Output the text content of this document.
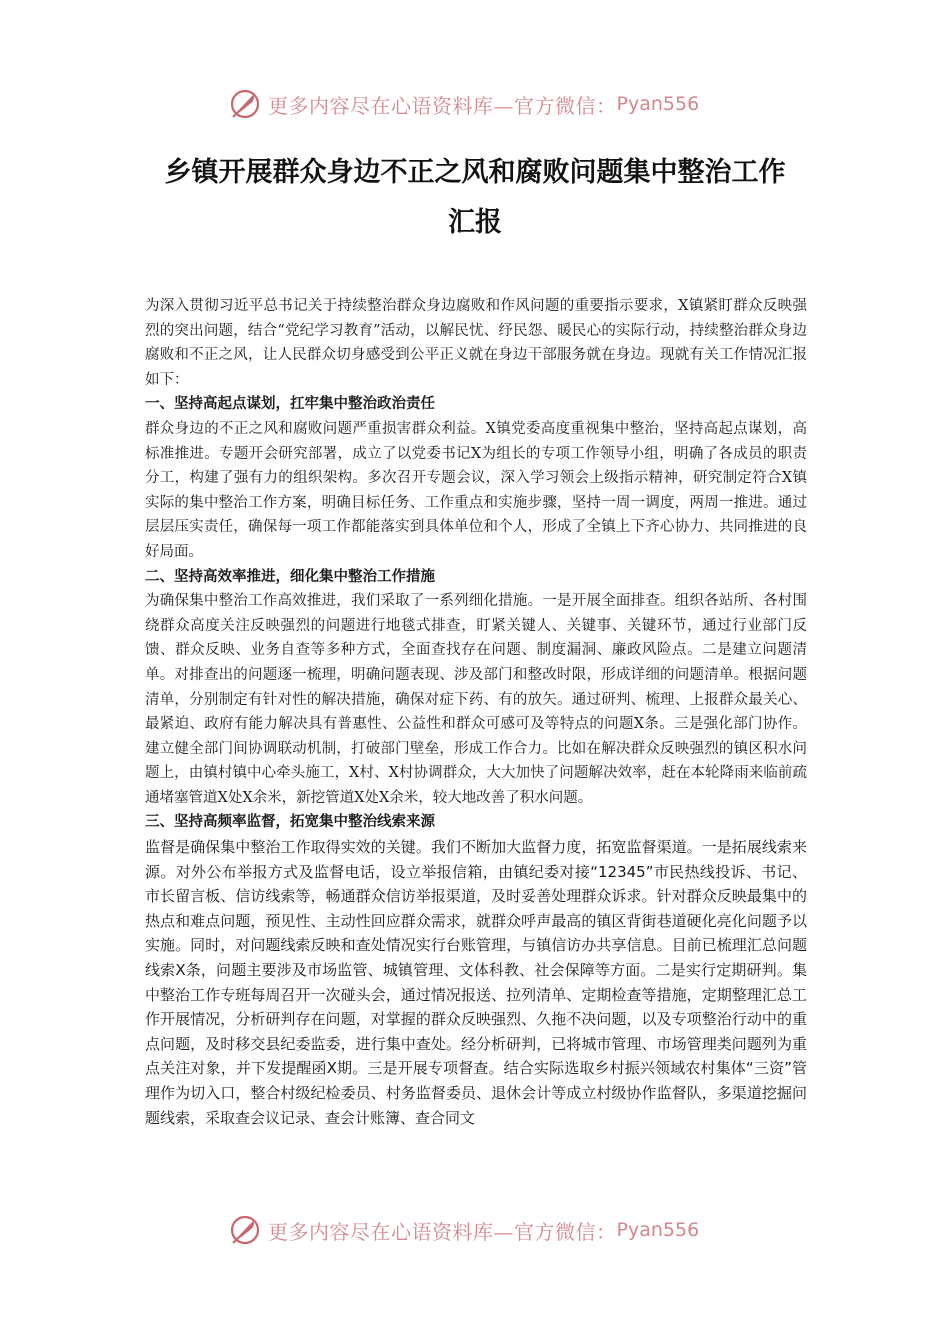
更多内容尽在心语资料库—官方微信： Pyan556
乡镇开展群众身边不正之风和腐败问题集中整治工作
汇报

为深入贯彻习近平总书记关于持续整治群众身边腐败和作风问题的重要指示要求，X镇紧盯群众反映强烈的突出问题，结合“党纪学习教育”活动，以解民忧、纾民怨、暖民心的实际行动，持续整治群众身边腐败和不正之风，让人民群众切身感受到公平正义就在身边干部服务就在身边。现就有关工作情况汇报如下：

一、坚持高起点谋划，扛牢集中整治政治责任

群众身边的不正之风和腐败问题严重损害群众利益。X镇党委高度重视集中整治，坚持高起点谋划，高标准推进。专题开会研究部署，成立了以党委书记X为组长的专项工作领导小组，明确了各成员的职责分工，构建了强有力的组织架构。多次召开专题会议，深入学习领会上级指示精神，研究制定符合X镇实际的集中整治工作方案，明确目标任务、工作重点和实施步骤，坚持一周一调度，两周一推进。通过层层压实责任，确保每一项工作都能落实到具体单位和个人，形成了全镇上下齐心协力、共同推进的良好局面。

二、坚持高效率推进，细化集中整治工作措施

为确保集中整治工作高效推进，我们采取了一系列细化措施。一是开展全面排查。组织各站所、各村围绕群众高度关注反映强烈的问题进行地毯式排查，盯紧关键人、关键事、关键环节，通过行业部门反馈、群众反映、业务自查等多种方式，全面查找存在问题、制度漏洞、廉政风险点。二是建立问题清单。对排查出的问题逐一梳理，明确问题表现、涉及部门和整改时限，形成详细的问题清单。根据问题清单，分别制定有针对性的解决措施，确保对症下药、有的放矢。通过研判、梳理、上报群众最关心、最紧迫、政府有能力解决具有普惠性、公益性和群众可感可及等特点的问题X条。三是强化部门协作。建立健全部门间协调联动机制，打破部门壁垒，形成工作合力。比如在解决群众反映强烈的镇区积水问题上，由镇村镇中心牵头施工，X村、X村协调群众，大大加快了问题解决效率，赶在本轮降雨来临前疏通堵塞管道X处X余米，新挖管道X处X余米，较大地改善了积水问题。

三、坚持高频率监督，拓宽集中整治线索来源

监督是确保集中整治工作取得实效的关键。我们不断加大监督力度，拓宽监督渠道。一是拓展线索来源。对外公布举报方式及监督电话，设立举报信箱，由镇纪委对接“12345”市民热线投诉、书记、市长留言板、信访线索等，畅通群众信访举报渠道，及时妥善处理群众诉求。针对群众反映最集中的热点和难点问题，预见性、主动性回应群众需求，就群众呼声最高的镇区背街巷道硬化亮化问题予以实施。同时，对问题线索反映和查处情况实行台账管理，与镇信访办共享信息。目前已梳理汇总问题线索X条，问题主要涉及市场监管、城镇管理、文体科教、社会保障等方面。二是实行定期研判。集中整治工作专班每周召开一次碰头会，通过情况报送、拉列清单、定期检查等措施，定期整理汇总工作开展情况，分析研判存在问题，对掌握的群众反映强烈、久拖不决问题，以及专项整治行动中的重点问题，及时移交县纪委监委，进行集中查处。经分析研判，已将城市管理、市场管理类问题列为重点关注对象，并下发提醒函X期。三是开展专项督查。结合实际选取乡村振兴领域农村集体“三资”管理作为切入口，整合村级纪检委员、村务监督委员、退休会计等成立村级协作监督队，多渠道挖掘问题线索，采取查会议记录、查会计账簿、查合同文

更多内容尽在心语资料库—官方微信： Pyan556
